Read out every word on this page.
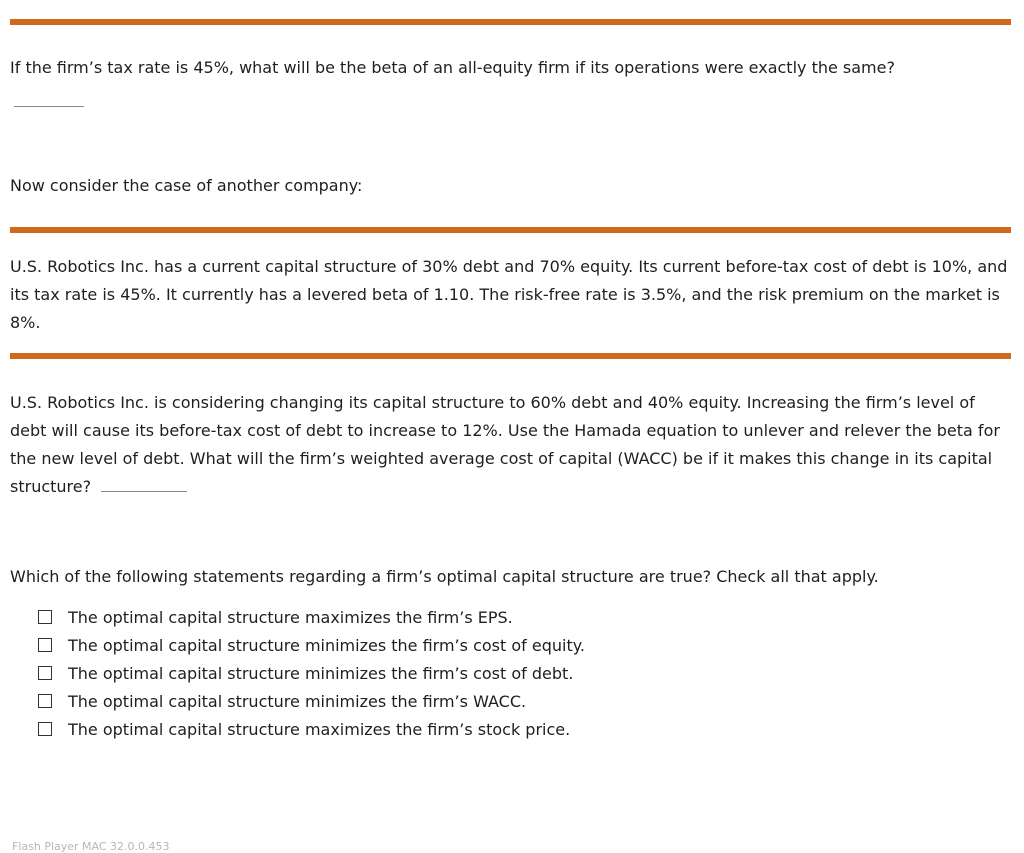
If the firm’s tax rate is 45%, what will be the beta of an all-equity firm if its operations were exactly the same?

Now consider the case of another company:

U.S. Robotics Inc. has a current capital structure of 30% debt and 70% equity. Its current before-tax cost of debt is 10%, and its tax rate is 45%. It currently has a levered beta of 1.10. The risk-free rate is 3.5%, and the risk premium on the market is 8%.

U.S. Robotics Inc. is considering changing its capital structure to 60% debt and 40% equity. Increasing the firm’s level of debt will cause its before-tax cost of debt to increase to 12%. Use the Hamada equation to unlever and relever the beta for the new level of debt. What will the firm’s weighted average cost of capital (WACC) be if it makes this change in its capital structure?

Which of the following statements regarding a firm’s optimal capital structure are true? Check all that apply.

The optimal capital structure maximizes the firm’s EPS.
The optimal capital structure minimizes the firm’s cost of equity.
The optimal capital structure minimizes the firm’s cost of debt.
The optimal capital structure minimizes the firm’s WACC.
The optimal capital structure maximizes the firm’s stock price.
Flash Player MAC 32.0.0.453
